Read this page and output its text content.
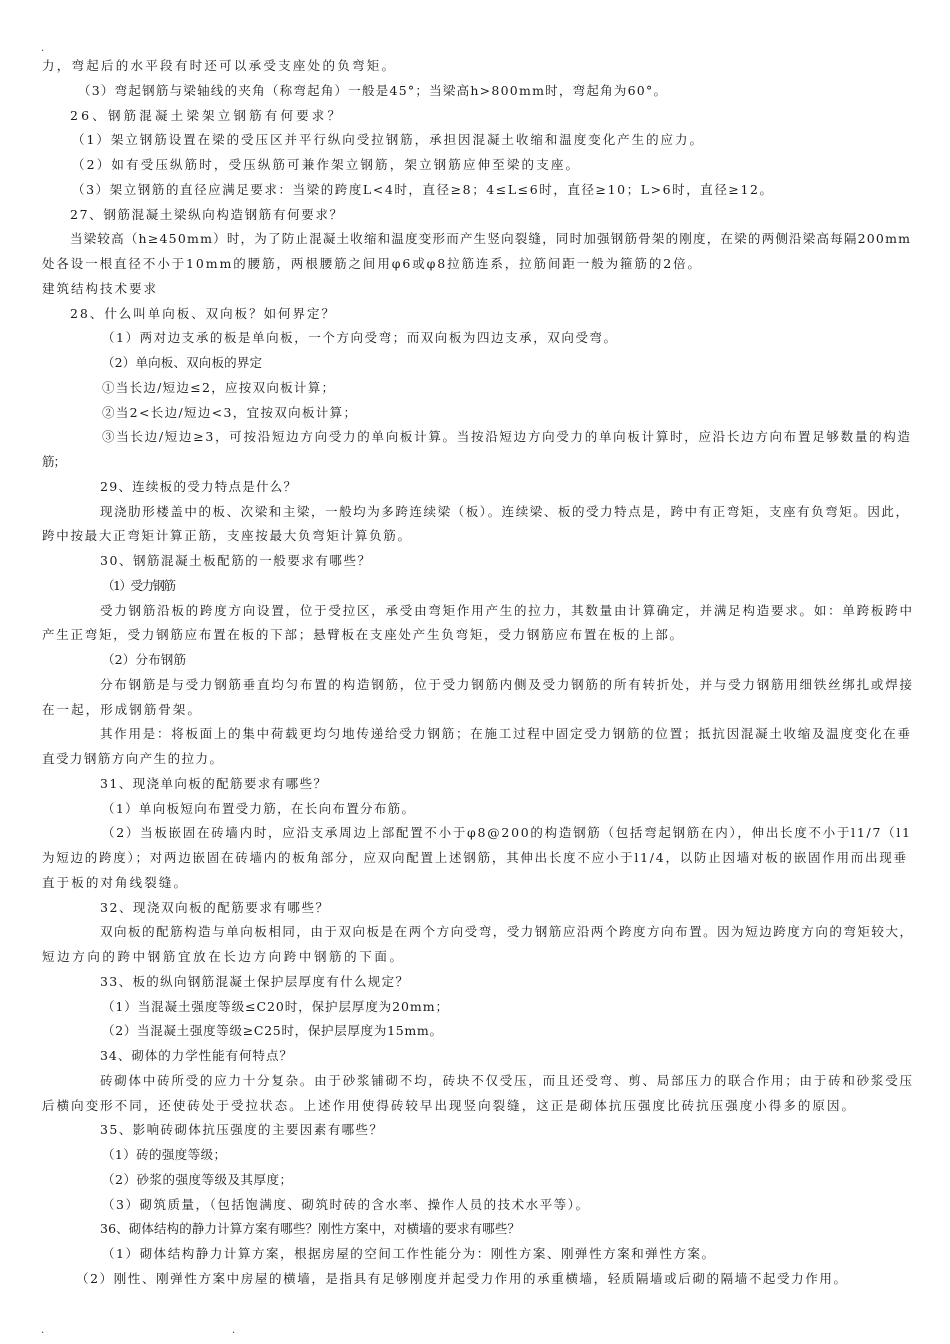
.
力，弯起后的水平段有时还可以承受支座处的负弯矩。
（3）弯起钢筋与梁轴线的夹角（称弯起角）一般是45°；当梁高h>800mm时，弯起角为60°。
26、钢筋混凝土梁架立钢筋有何要求？
（1）架立钢筋设置在梁的受压区并平行纵向受拉钢筋，承担因混凝土收缩和温度变化产生的应力。
（2）如有受压纵筋时，受压纵筋可兼作架立钢筋，架立钢筋应伸至梁的支座。
（3）架立钢筋的直径应满足要求：当梁的跨度L<4时，直径≥8；4≤L≤6时，直径≥10；L>6时，直径≥12。
27、钢筋混凝土梁纵向构造钢筋有何要求？
当梁较高（h≥450mm）时，为了防止混凝土收缩和温度变形而产生竖向裂缝，同时加强钢筋骨架的刚度，在梁的两侧沿梁高每隔200mm
处各设一根直径不小于10mm的腰筋，两根腰筋之间用φ6或φ8拉筋连系，拉筋间距一般为箍筋的2倍。
建筑结构技术要求
28、什么叫单向板、双向板？如何界定？
（1）两对边支承的板是单向板，一个方向受弯；而双向板为四边支承，双向受弯。
（2）单向板、双向板的界定
①当长边/短边≤2，应按双向板计算；
②当2<长边/短边<3，宜按双向板计算；
③当长边/短边≥3，可按沿短边方向受力的单向板计算。当按沿短边方向受力的单向板计算时，应沿长边方向布置足够数量的构造
筋；
29、连续板的受力特点是什么？
现浇肋形楼盖中的板、次梁和主梁，一般均为多跨连续梁（板）。连续梁、板的受力特点是，跨中有正弯矩，支座有负弯矩。因此，
跨中按最大正弯矩计算正筋，支座按最大负弯矩计算负筋。
30、钢筋混凝土板配筋的一般要求有哪些？
（1）受力钢筋
受力钢筋沿板的跨度方向设置，位于受拉区，承受由弯矩作用产生的拉力，其数量由计算确定，并满足构造要求。如：单跨板跨中
产生正弯矩，受力钢筋应布置在板的下部；悬臂板在支座处产生负弯矩，受力钢筋应布置在板的上部。
（2）分布钢筋
分布钢筋是与受力钢筋垂直均匀布置的构造钢筋，位于受力钢筋内侧及受力钢筋的所有转折处，并与受力钢筋用细铁丝绑扎或焊接
在一起，形成钢筋骨架。
其作用是：将板面上的集中荷载更均匀地传递给受力钢筋；在施工过程中固定受力钢筋的位置；抵抗因混凝土收缩及温度变化在垂
直受力钢筋方向产生的拉力。
31、现浇单向板的配筋要求有哪些？
（1）单向板短向布置受力筋，在长向布置分布筋。
（2）当板嵌固在砖墙内时，应沿支承周边上部配置不小于φ8@200的构造钢筋（包括弯起钢筋在内），伸出长度不小于l1/7（l1
为短边的跨度）；对两边嵌固在砖墙内的板角部分，应双向配置上述钢筋，其伸出长度不应小于l1/4，以防止因墙对板的嵌固作用而出现垂
直于板的对角线裂缝。
32、现浇双向板的配筋要求有哪些？
双向板的配筋构造与单向板相同，由于双向板是在两个方向受弯，受力钢筋应沿两个跨度方向布置。因为短边跨度方向的弯矩较大，
短边方向的跨中钢筋宜放在长边方向跨中钢筋的下面。
33、板的纵向钢筋混凝土保护层厚度有什么规定？
（1）当混凝土强度等级≤C20时，保护层厚度为20mm；
（2）当混凝土强度等级≥C25时，保护层厚度为15mm。
34、砌体的力学性能有何特点？
砖砌体中砖所受的应力十分复杂。由于砂浆铺砌不均，砖块不仅受压，而且还受弯、剪、局部压力的联合作用；由于砖和砂浆受压
后横向变形不同，还使砖处于受拉状态。上述作用使得砖较早出现竖向裂缝，这正是砌体抗压强度比砖抗压强度小得多的原因。
35、影响砖砌体抗压强度的主要因素有哪些？
（1）砖的强度等级；
（2）砂浆的强度等级及其厚度；
（3）砌筑质量，（包括饱满度、砌筑时砖的含水率、操作人员的技术水平等）。
36、砌体结构的静力计算方案有哪些？刚性方案中，对横墙的要求有哪些？
（1）砌体结构静力计算方案，根据房屋的空间工作性能分为：刚性方案、刚弹性方案和弹性方案。
（2）刚性、刚弹性方案中房屋的横墙，是指具有足够刚度并起受力作用的承重横墙，轻质隔墙或后砌的隔墙不起受力作用。
.	.
